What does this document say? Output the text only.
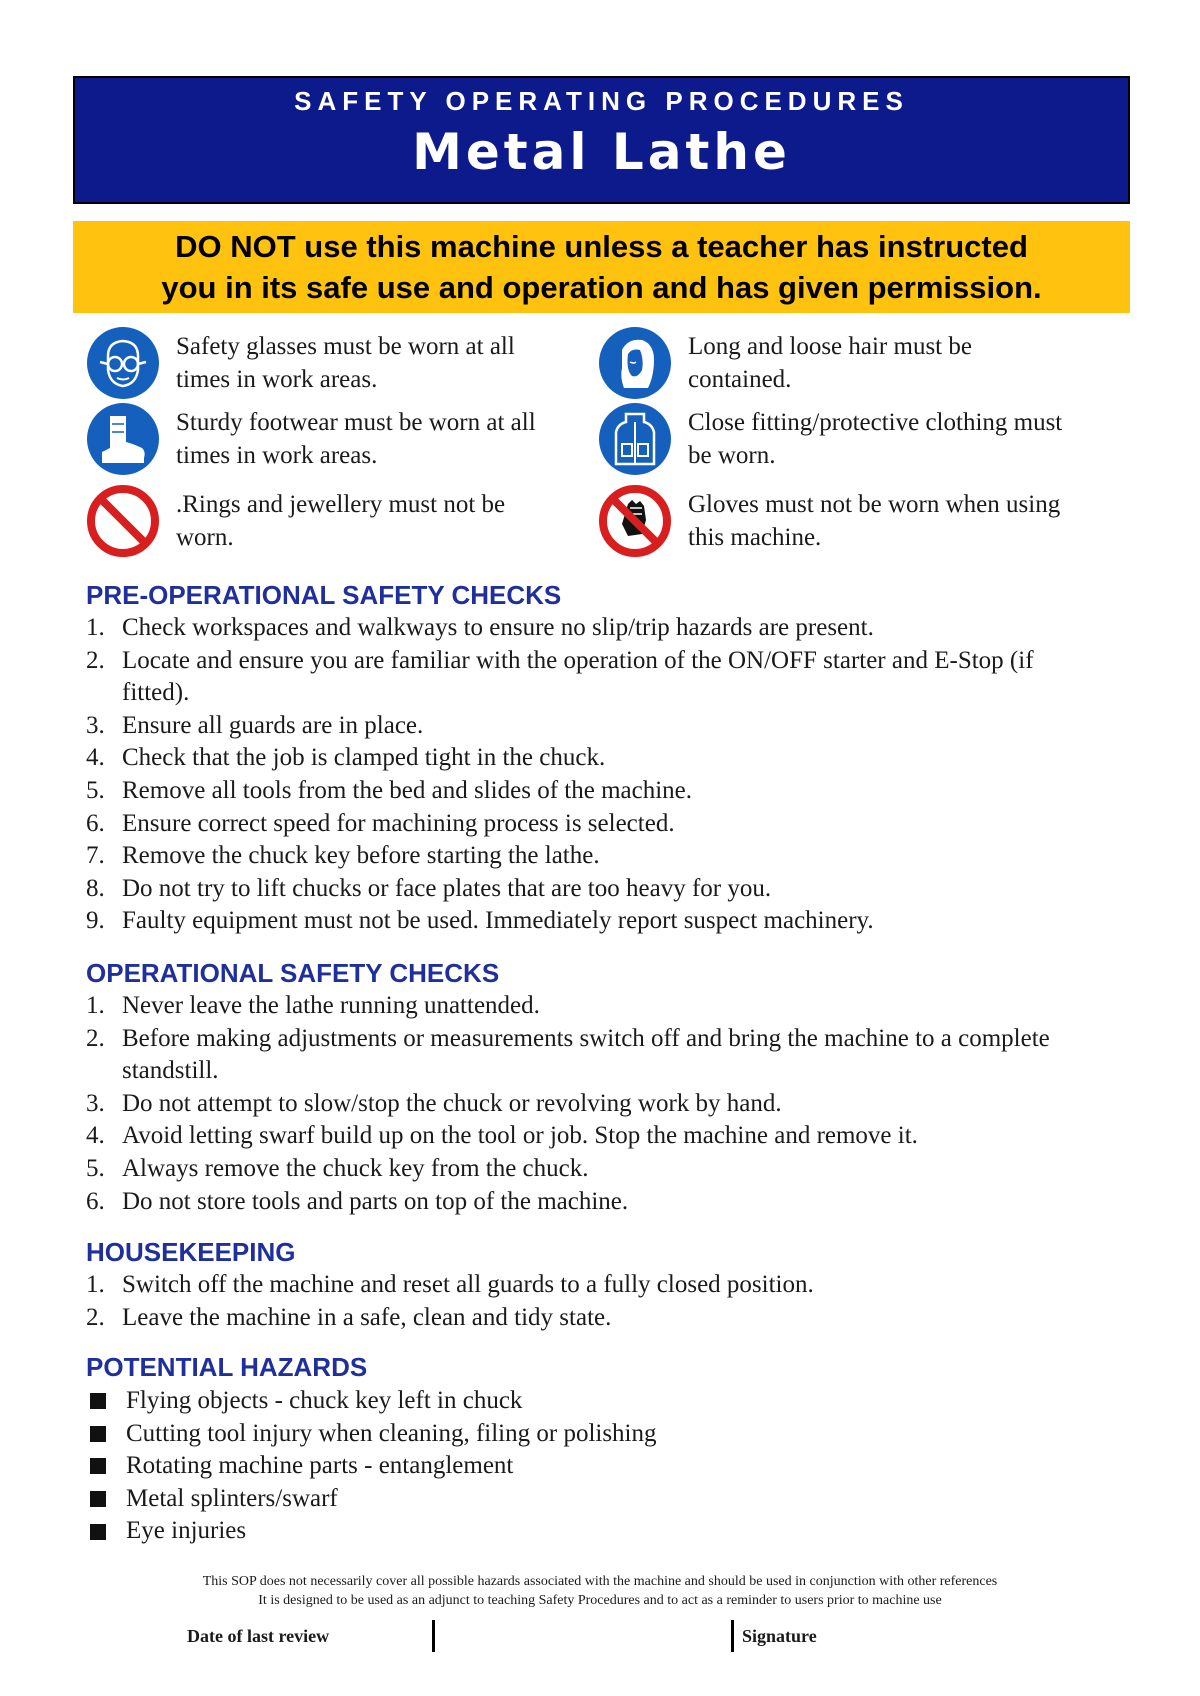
SAFETY OPERATING PROCEDURES
Metal Lathe
DO NOT use this machine unless a teacher has instructed
you in its safe use and operation and has given permission.
Safety glasses must be worn at all times in work areas.
Long and loose hair must be contained.
Sturdy footwear must be worn at all times in work areas.
Close fitting/protective clothing must be worn.
.Rings and jewellery must not be worn.
Gloves must not be worn when using this machine.
PRE-OPERATIONAL SAFETY CHECKS
1. Check workspaces and walkways to ensure no slip/trip hazards are present.
2. Locate and ensure you are familiar with the operation of the ON/OFF starter and E-Stop (if fitted).
3. Ensure all guards are in place.
4. Check that the job is clamped tight in the chuck.
5. Remove all tools from the bed and slides of the machine.
6. Ensure correct speed for machining process is selected.
7. Remove the chuck key before starting the lathe.
8. Do not try to lift chucks or face plates that are too heavy for you.
9. Faulty equipment must not be used. Immediately report suspect machinery.
OPERATIONAL SAFETY CHECKS
1. Never leave the lathe running unattended.
2. Before making adjustments or measurements switch off and bring the machine to a complete standstill.
3. Do not attempt to slow/stop the chuck or revolving work by hand.
4. Avoid letting swarf build up on the tool or job. Stop the machine and remove it.
5. Always remove the chuck key from the chuck.
6. Do not store tools and parts on top of the machine.
HOUSEKEEPING
1. Switch off the machine and reset all guards to a fully closed position.
2. Leave the machine in a safe, clean and tidy state.
POTENTIAL HAZARDS
Flying objects - chuck key left in chuck
Cutting tool injury when cleaning, filing or polishing
Rotating machine parts - entanglement
Metal splinters/swarf
Eye injuries
This SOP does not necessarily cover all possible hazards associated with the machine and should be used in conjunction with other references
It is designed to be used as an adjunct to teaching Safety Procedures and to act as a reminder to users prior to machine use
Date of last review	Signature
